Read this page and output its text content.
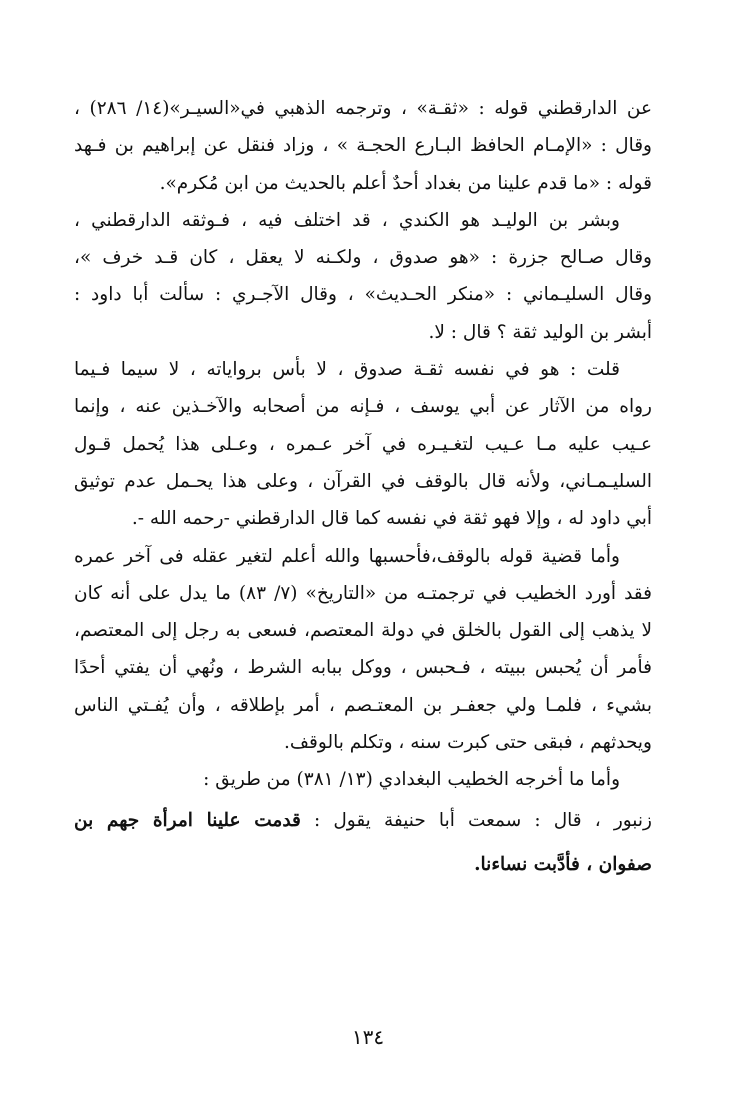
عن الدارقطني قوله : «ثقـة» ، وترجمه الذهبي في«السيـر»(١٤/ ٢٨٦) ،
وقال : «الإمـام الحافظ البـارع الحجـة » ، وزاد فنقل عن إبراهيم بن فـهد
قوله : «ما قدم علينا من بغداد أحدٌ أعلم بالحديث من ابن مُكرم».
وبشر بن الوليـد هو الكندي ، قد اختلف فيه ، فـوثقه الدارقطني ،
وقال صـالح جزرة : «هو صدوق ، ولكـنه لا يعقل ، كان قـد خرف »،
وقال السليـماني : «منكر الحـديث» ، وقال الآجـري : سألت أبا داود :
أبشر بن الوليد ثقة ؟ قال : لا.
قلت : هو في نفسه ثقـة صدوق ، لا بأس برواياته ، لا سيما فـيما
رواه من الآثار عن أبي يوسف ، فـإنه من أصحابه والآخـذين عنه ، وإنما
عـيب عليه مـا عـيب لتغـيـره في آخر عـمره ، وعـلى هذا يُحمل قـول
السليـمـاني، ولأنه قال بالوقف في القرآن ، وعلى هذا يحـمل عدم توثيق
أبي داود له ، وإلا فهو ثقة في نفسه كما قال الدارقطني -رحمه الله -.
وأما قضية قوله بالوقف،فأحسبها والله أعلم لتغير عقله فى آخر عمره
فقد أورد الخطيب في ترجمتـه من «التاريخ» (٧/ ٨٣) ما يدل على أنه كان
لا يذهب إلى القول بالخلق في دولة المعتصم، فسعى به رجل إلى المعتصم،
فأمر أن يُحبس ببيته ، فـحبس ، ووكل ببابه الشرط ، ونُهي أن يفتي أحدًا
بشيء ، فلمـا ولي جعفـر بن المعتـصم ، أمر بإطلاقه ، وأن يُفـتي الناس
ويحدثهم ، فبقى حتى كبرت سنه ، وتكلم بالوقف.
وأما ما أخرجه الخطيب البغدادي (١٣/ ٣٨١) من طريق :
زنبور ، قال : سمعت أبا حنيفة يقول : قدمت علينا امرأة جهم بن
صفوان ، فأدَّبت نساءنا.
١٣٤
